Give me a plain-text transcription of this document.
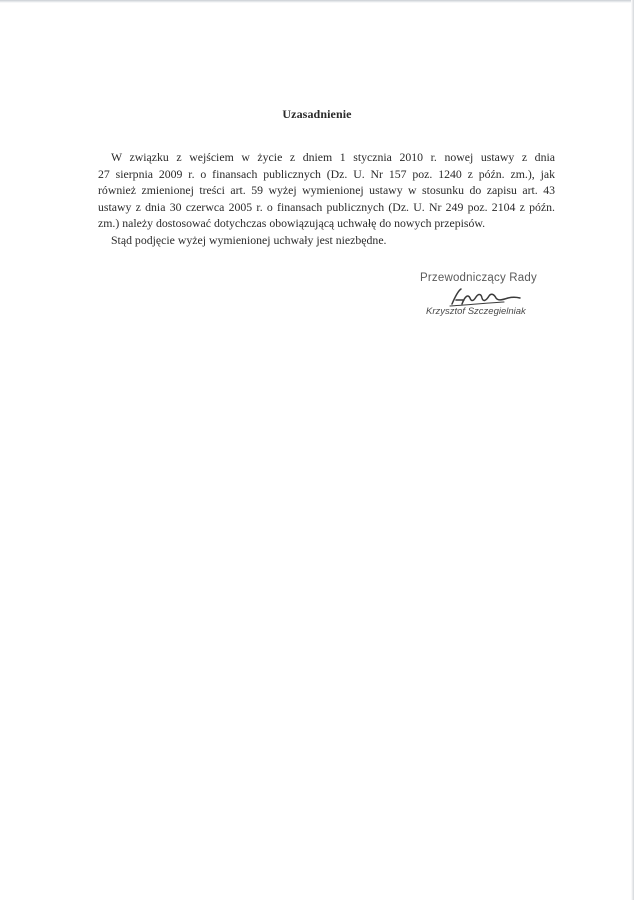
Uzasadnienie
W związku z wejściem w życie z dniem 1 stycznia 2010 r. nowej ustawy z dnia
27 sierpnia 2009 r. o finansach publicznych (Dz. U. Nr 157 poz. 1240 z późn. zm.), jak
również zmienionej treści art. 59 wyżej wymienionej ustawy w stosunku do zapisu art. 43
ustawy z dnia 30 czerwca 2005 r. o finansach publicznych (Dz. U. Nr 249 poz. 2104 z późn.
zm.) należy dostosować dotychczas obowiązującą uchwałę do nowych przepisów.
Stąd podjęcie wyżej wymienionej uchwały jest niezbędne.
Przewodniczący Rady
Krzysztof Szczegielniak
